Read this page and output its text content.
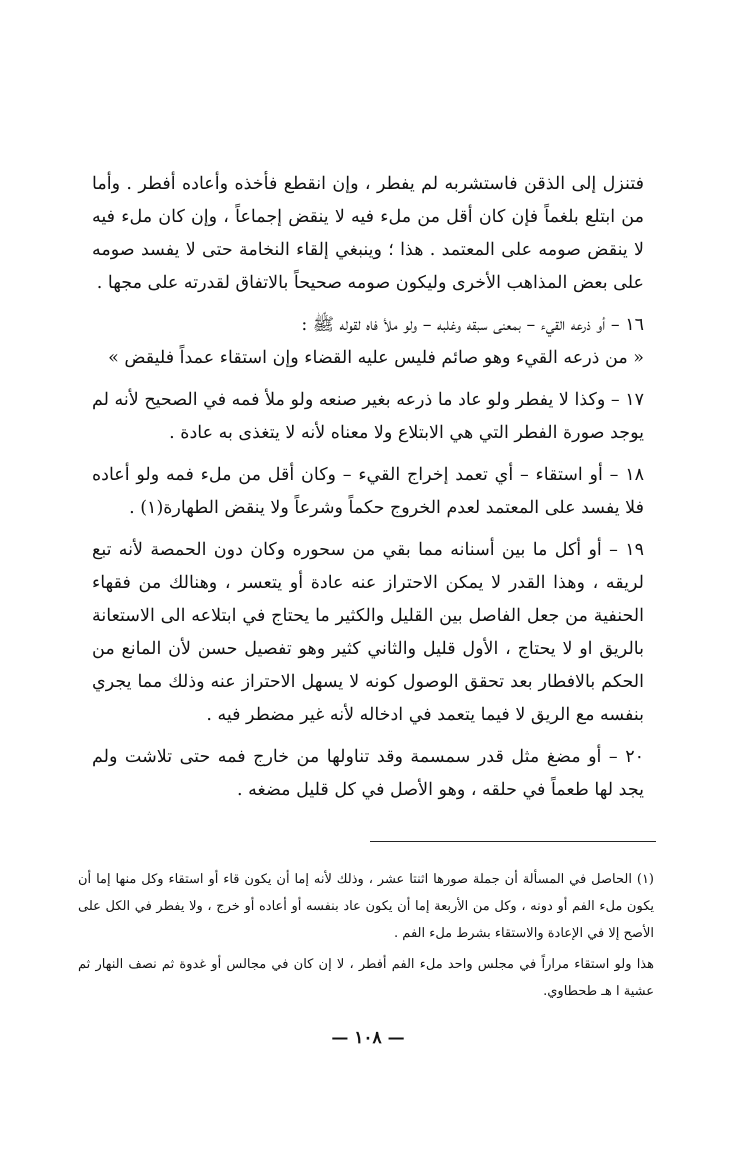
فتنزل إلى الذقن فاستشربه لم يفطر ، وإن انقطع فأخذه وأعاده أفطر . وأما من ابتلع بلغماً فإن كان أقل من ملء فيه لا ينقض إجماعاً ، وإن كان ملء فيه لا ينقض صومه على المعتمد . هذا ؛ وينبغي إلقاء النخامة حتى لا يفسد صومه على بعض المذاهب الأخرى وليكون صومه صحيحاً بالاتفاق لقدرته على مجها .

١٦ – أو ذرعه القيء – بمعنى سبقه وغلبه – ولو ملأ فاه لقوله ﷺ :
« من ذرعه القيء وهو صائم فليس عليه القضاء وإن استقاء عمداً فليقض »

١٧ – وكذا لا يفطر ولو عاد ما ذرعه بغير صنعه ولو ملأ فمه في الصحيح لأنه لم يوجد صورة الفطر التي هي الابتلاع ولا معناه لأنه لا يتغذى به عادة .

١٨ – أو استقاء – أي تعمد إخراج القيء – وكان أقل من ملء فمه ولو أعاده فلا يفسد على المعتمد لعدم الخروج حكماً وشرعاً ولا ينقض الطهارة(١) .

١٩ – أو أكل ما بين أسنانه مما بقي من سحوره وكان دون الحمصة لأنه تبع لريقه ، وهذا القدر لا يمكن الاحتراز عنه عادة أو يتعسر ، وهنالك من فقهاء الحنفية من جعل الفاصل بين القليل والكثير ما يحتاج في ابتلاعه الى الاستعانة بالريق او لا يحتاج ، الأول قليل والثاني كثير وهو تفصيل حسن لأن المانع من الحكم بالافطار بعد تحقق الوصول كونه لا يسهل الاحتراز عنه وذلك مما يجري بنفسه مع الريق لا فيما يتعمد في ادخاله لأنه غير مضطر فيه .

٢٠ – أو مضغ مثل قدر سمسمة وقد تناولها من خارج فمه حتى تلاشت ولم يجد لها طعماً في حلقه ، وهو الأصل في كل قليل مضغه .

(١) الحاصل في المسألة أن جملة صورها اثنتا عشر ، وذلك لأنه إما أن يكون قاء أو استقاء وكل منها إما أن يكون ملء الفم أو دونه ، وكل من الأربعة إما أن يكون عاد بنفسه أو أعاده أو خرج ، ولا يفطر في الكل على الأصح إلا في الإعادة والاستقاء بشرط ملء الفم .

هذا ولو استقاء مراراً في مجلس واحد ملء الفم أفطر ، لا إن كان في مجالس أو غدوة ثم نصف النهار ثم عشية ا هـ طحطاوي.

— ١٠٨ —
